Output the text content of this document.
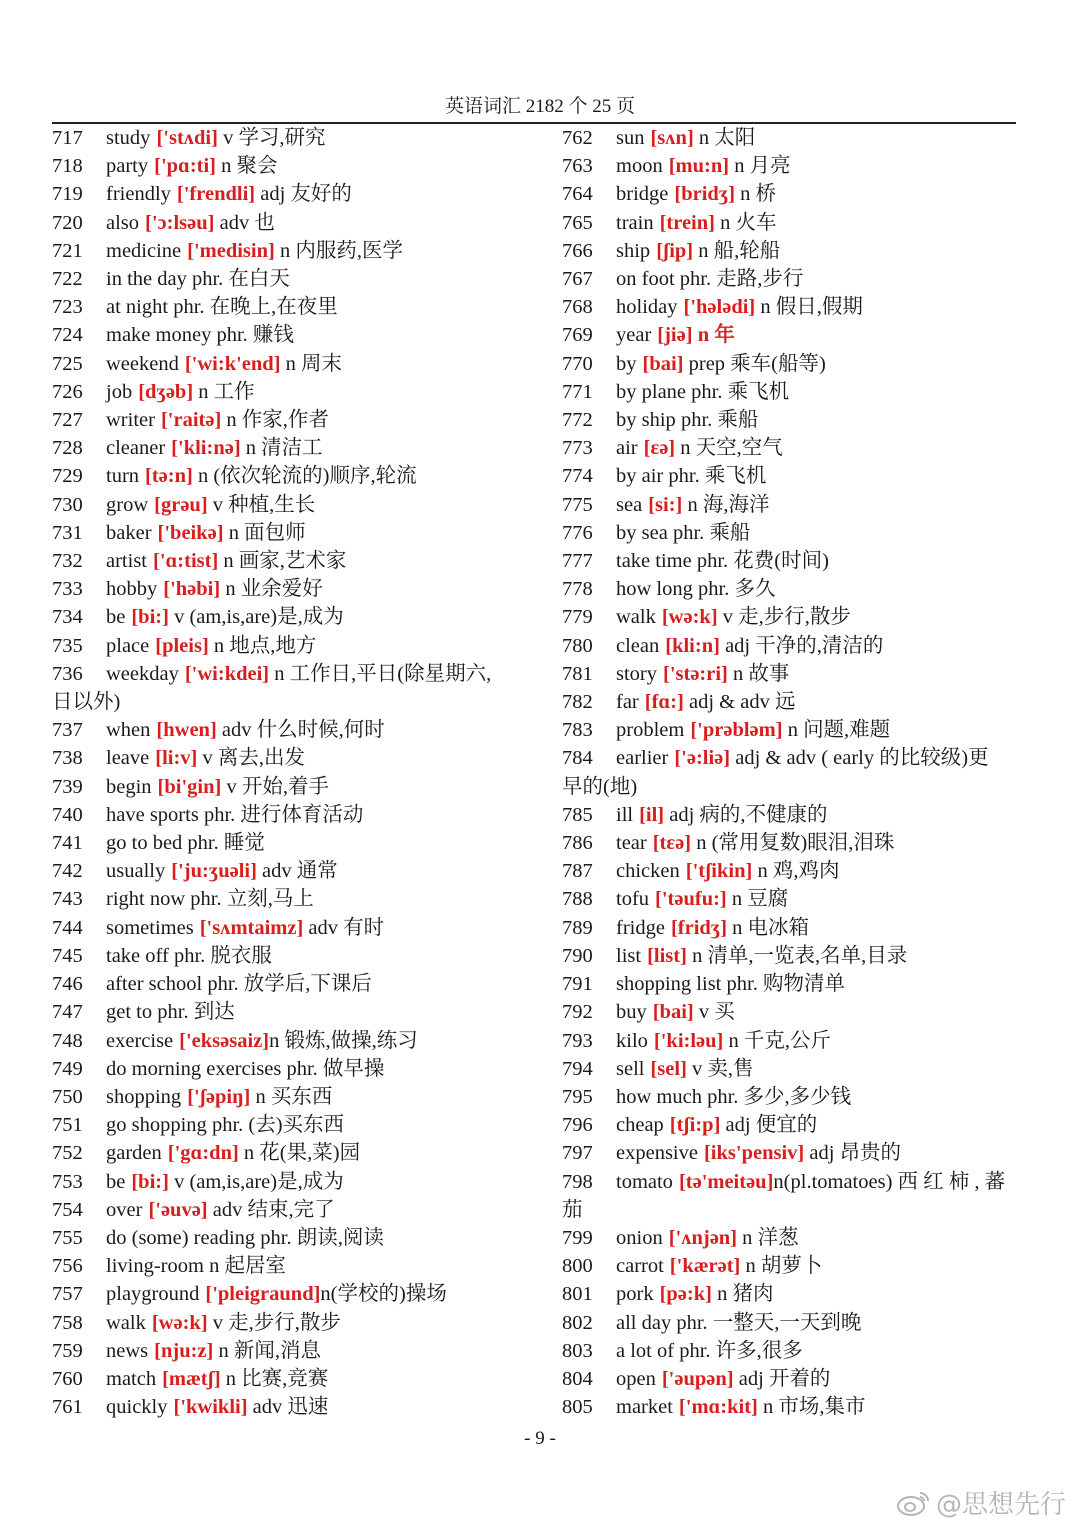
英语词汇 2182 个 25 页
717 study ['stʌdi] v 学习,研究
718 party ['pɑ:ti] n 聚会
719 friendly ['frendli] adj 友好的
720 also ['ɔ:lsəu] adv 也
721 medicine ['medisin] n 内服药,医学
722 in the day phr. 在白天
723 at night phr. 在晚上,在夜里
724 make money phr. 赚钱
725 weekend ['wi:k'end] n 周末
726 job [dʒəb] n 工作
727 writer ['raitə] n 作家,作者
728 cleaner ['kli:nə] n 清洁工
729 turn [tə:n] n (依次轮流的)顺序,轮流
730 grow [grəu] v 种植,生长
731 baker ['beikə] n 面包师
732 artist ['ɑ:tist] n 画家,艺术家
733 hobby ['həbi] n 业余爱好
734 be [bi:] v (am,is,are)是,成为
735 place [pleis] n 地点,地方
736 weekday ['wi:kdei] n 工作日,平日(除星期六,
日以外)
737 when [hwen] adv 什么时候,何时
738 leave [li:v] v 离去,出发
739 begin [bi'gin] v 开始,着手
740 have sports phr. 进行体育活动
741 go to bed phr. 睡觉
742 usually ['ju:ʒuəli] adv 通常
743 right now phr. 立刻,马上
744 sometimes ['sʌmtaimz] adv 有时
745 take off phr. 脱衣服
746 after school phr. 放学后,下课后
747 get to phr. 到达
748 exercise ['eksəsaiz]n 锻炼,做操,练习
749 do morning exercises phr. 做早操
750 shopping ['ʃəpiŋ] n 买东西
751 go shopping phr. (去)买东西
752 garden ['gɑ:dn] n 花(果,菜)园
753 be [bi:] v (am,is,are)是,成为
754 over ['əuvə] adv 结束,完了
755 do (some) reading phr. 朗读,阅读
756 living-room n 起居室
757 playground ['pleigraund]n(学校的)操场
758 walk [wə:k] v 走,步行,散步
759 news [nju:z] n 新闻,消息
760 match [mætʃ] n 比赛,竞赛
761 quickly ['kwikli] adv 迅速
762 sun [sʌn] n 太阳
763 moon [mu:n] n 月亮
764 bridge [bridʒ] n 桥
765 train [trein] n 火车
766 ship [ʃip] n 船,轮船
767 on foot phr. 走路,步行
768 holiday ['hələdi] n 假日,假期
769 year [jiə] n 年
770 by [bai] prep 乘车(船等)
771 by plane phr. 乘飞机
772 by ship phr. 乘船
773 air [εə] n 天空,空气
774 by air phr. 乘飞机
775 sea [si:] n 海,海洋
776 by sea phr. 乘船
777 take time phr. 花费(时间)
778 how long phr. 多久
779 walk [wə:k] v 走,步行,散步
780 clean [kli:n] adj 干净的,清洁的
781 story ['stə:ri] n 故事
782 far [fɑ:] adj & adv 远
783 problem ['prəbləm] n 问题,难题
784 earlier ['ə:liə] adj & adv ( early 的比较级)更
早的(地)
785 ill [il] adj 病的,不健康的
786 tear [tεə] n (常用复数)眼泪,泪珠
787 chicken ['tʃikin] n 鸡,鸡肉
788 tofu ['təufu:] n 豆腐
789 fridge [fridʒ] n 电冰箱
790 list [list] n 清单,一览表,名单,目录
791 shopping list phr. 购物清单
792 buy [bai] v 买
793 kilo ['ki:ləu] n 千克,公斤
794 sell [sel] v 卖,售
795 how much phr. 多少,多少钱
796 cheap [tʃi:p] adj 便宜的
797 expensive [iks'pensiv] adj 昂贵的
798 tomato [tə'meitəu]n(pl.tomatoes) 西 红 柿 , 蕃
茄
799 onion ['ʌnjən] n 洋葱
800 carrot ['kærət] n 胡萝卜
801 pork [pə:k] n 猪肉
802 all day phr. 一整天,一天到晚
803 a lot of phr. 许多,很多
804 open ['əupən] adj 开着的
805 market ['mɑ:kit] n 市场,集市
- 9 -
@思想先行
